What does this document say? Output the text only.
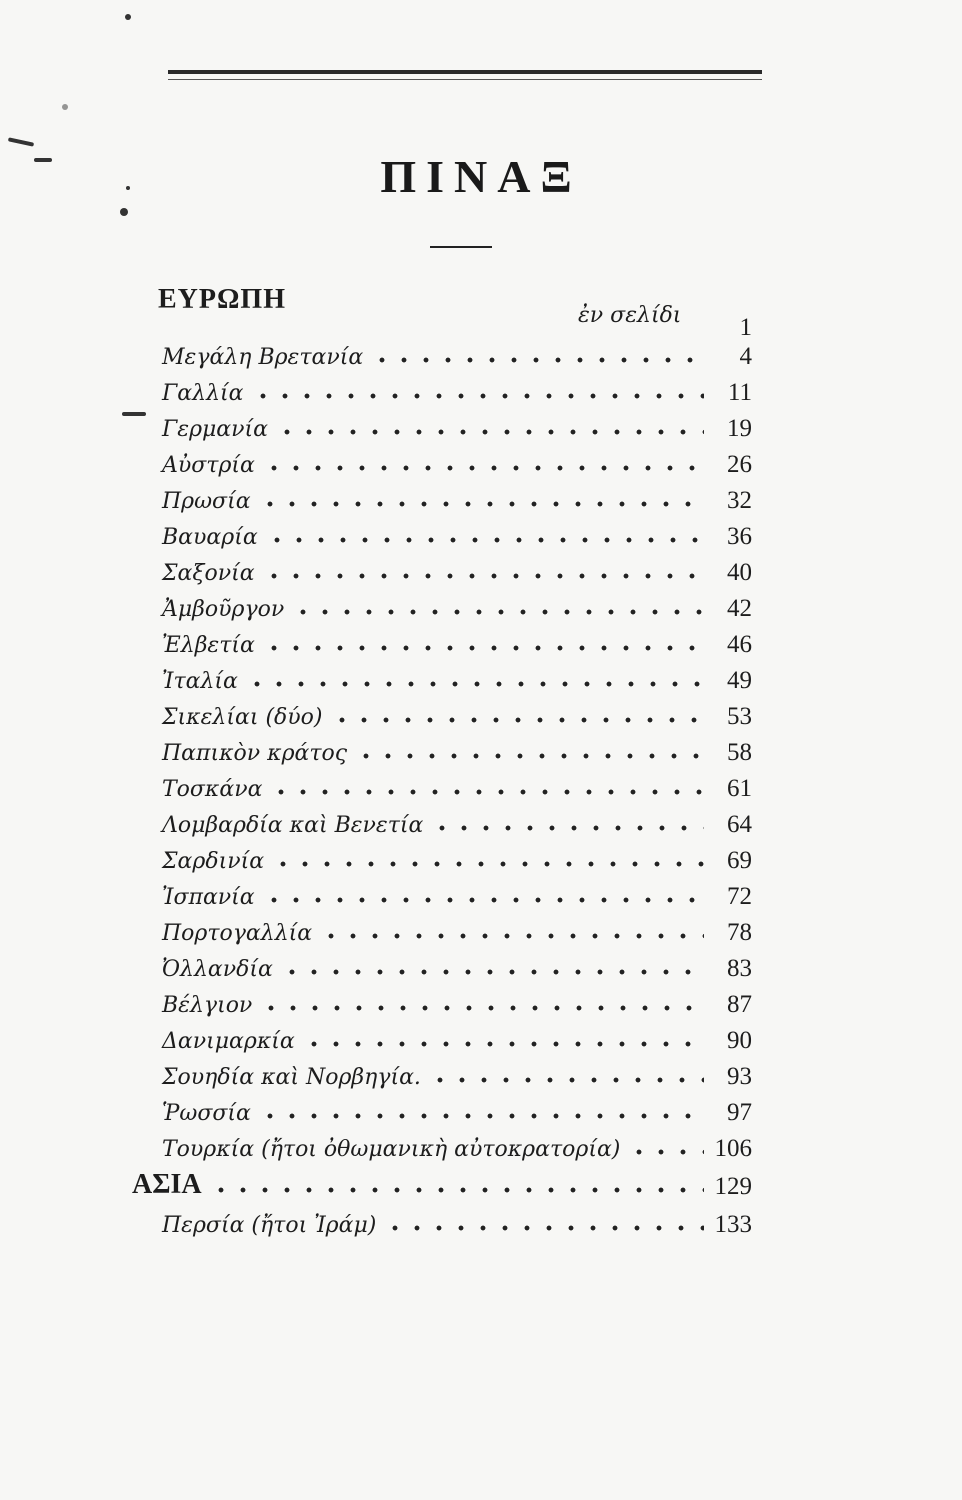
ΠΙΝΑΞ
ΕΥΡΩΠΗ
ἐν σελίδι	1
Μεγάλη Βρετανία	4
Γαλλία	11
Γερμανία	19
Αὐστρία	26
Πρωσία	32
Βαυαρία	36
Σαξονία	40
Ἀμβοῦργον	42
Ἐλβετία	46
Ἰταλία	49
Σικελίαι (δύο)	53
Παπικὸν κράτος	58
Τοσκάνα	61
Λομβαρδία καὶ Βενετία	64
Σαρδινία	69
Ἰσπανία	72
Πορτογαλλία	78
Ὀλλανδία	83
Βέλγιον	87
Δανιμαρκία	90
Σουηδία καὶ Νορβηγία.	93
Ῥωσσία	97
Τουρκία (ἤτοι ὀθωμανικὴ αὐτοκρατορία)	106
ΑΣΙΑ	129
Περσία (ἤτοι Ἰράμ)	133
